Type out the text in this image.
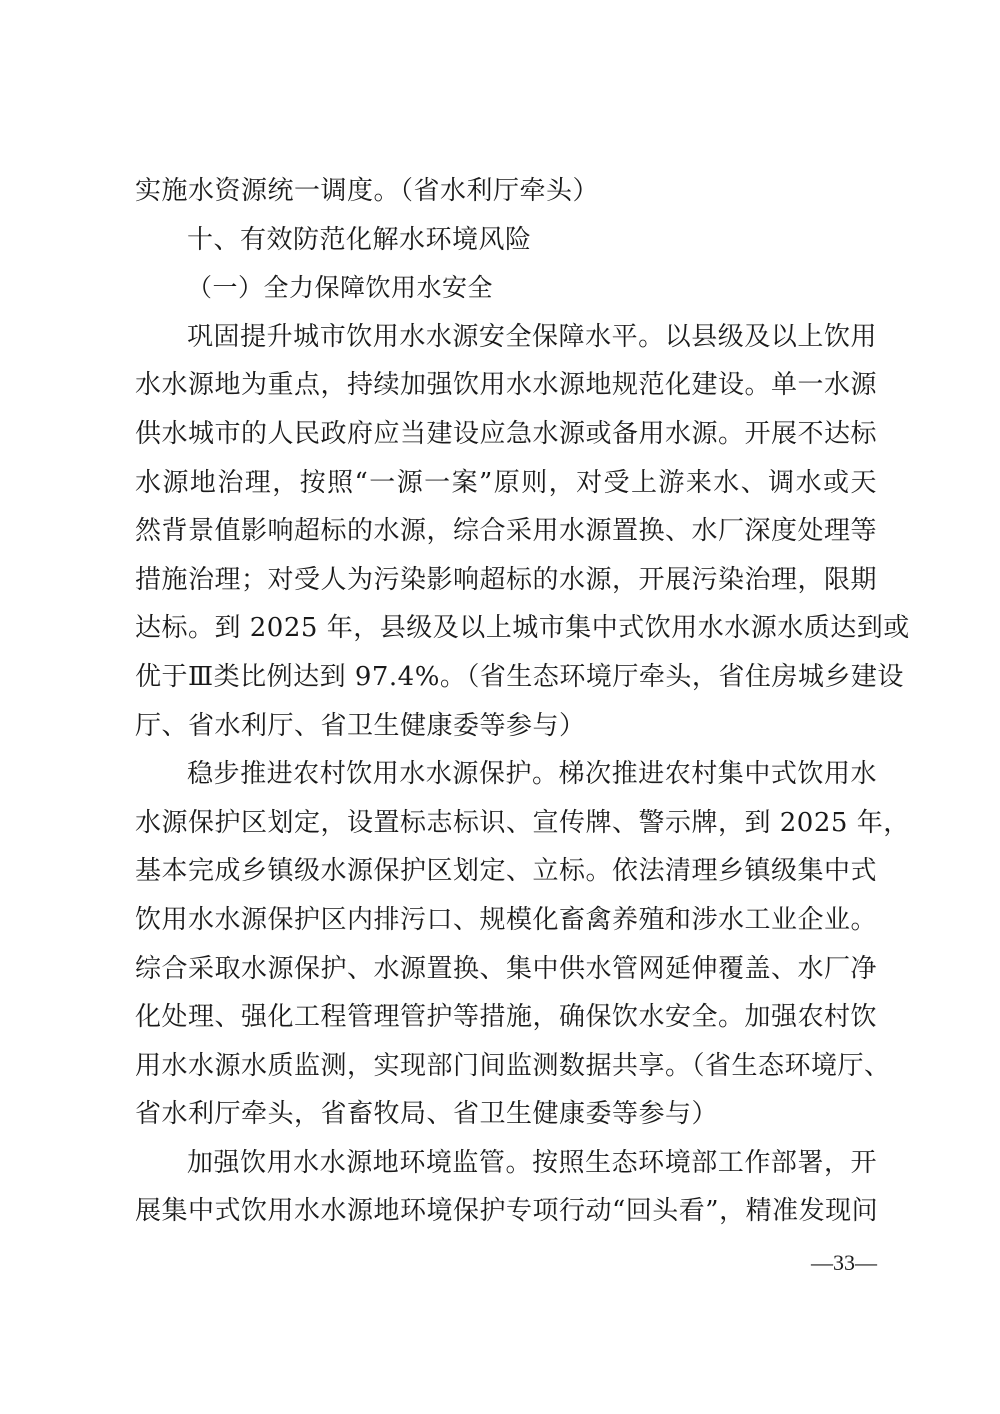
实施水资源统一调度。（省水利厅牵头）
十、有效防范化解水环境风险
（一）全力保障饮用水安全
巩固提升城市饮用水水源安全保障水平。以县级及以上饮用
水水源地为重点，持续加强饮用水水源地规范化建设。单一水源
供水城市的人民政府应当建设应急水源或备用水源。开展不达标
水源地治理，按照“一源一案”原则，对受上游来水、调水或天
然背景值影响超标的水源，综合采用水源置换、水厂深度处理等
措施治理；对受人为污染影响超标的水源，开展污染治理，限期
达标。到 2025 年，县级及以上城市集中式饮用水水源水质达到或
优于Ⅲ类比例达到 97.4%。（省生态环境厅牵头，省住房城乡建设
厅、省水利厅、省卫生健康委等参与）
稳步推进农村饮用水水源保护。梯次推进农村集中式饮用水
水源保护区划定，设置标志标识、宣传牌、警示牌，到 2025 年，
基本完成乡镇级水源保护区划定、立标。依法清理乡镇级集中式
饮用水水源保护区内排污口、规模化畜禽养殖和涉水工业企业。
综合采取水源保护、水源置换、集中供水管网延伸覆盖、水厂净
化处理、强化工程管理管护等措施，确保饮水安全。加强农村饮
用水水源水质监测，实现部门间监测数据共享。（省生态环境厅、
省水利厅牵头，省畜牧局、省卫生健康委等参与）
加强饮用水水源地环境监管。按照生态环境部工作部署，开
展集中式饮用水水源地环境保护专项行动“回头看”，精准发现问
—33—
